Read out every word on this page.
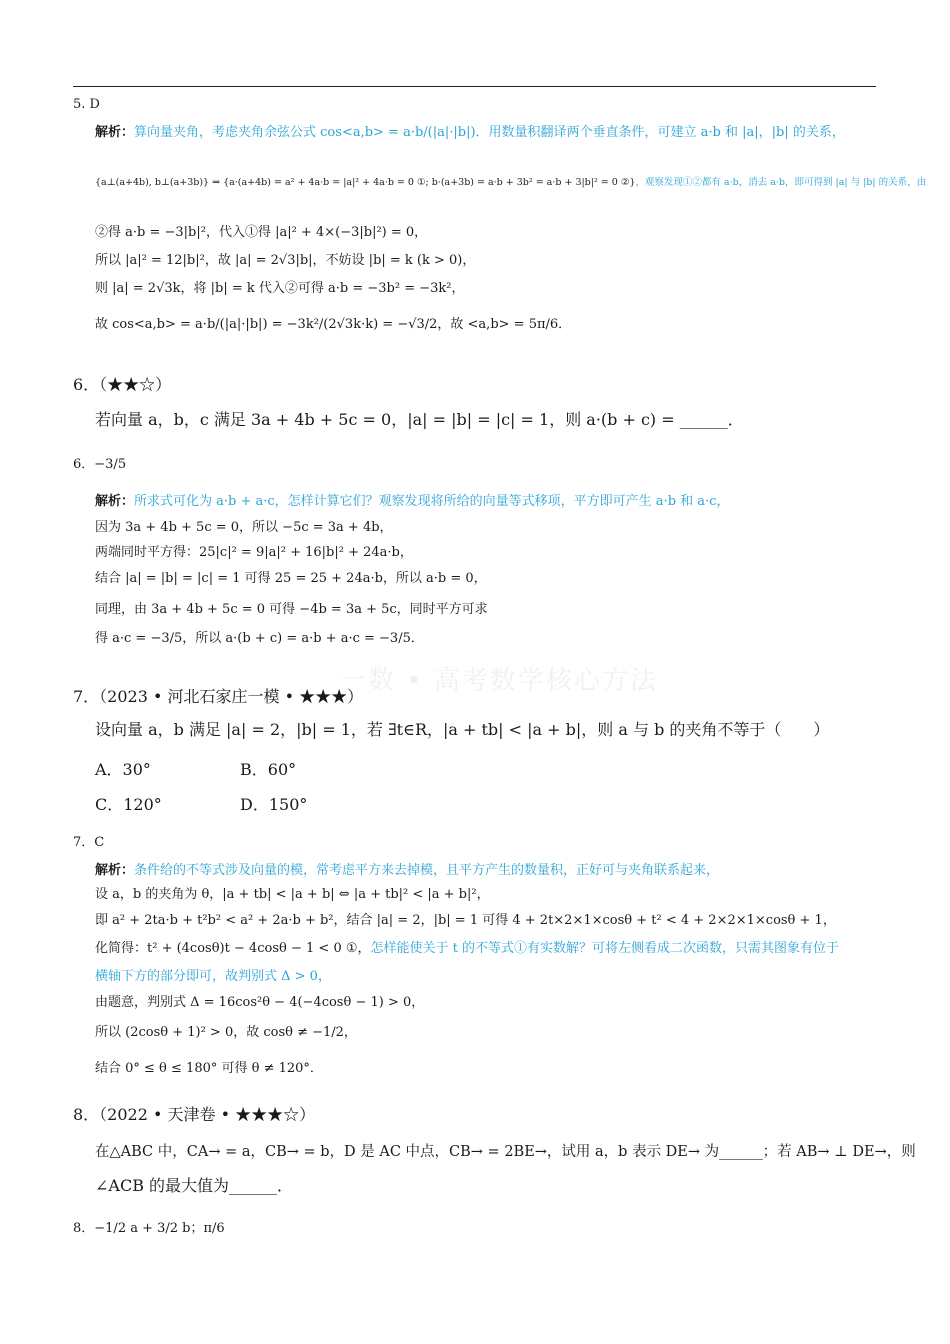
一数 • 高考数学核心方法
5. D
解析：算向量夹角，考虑夹角余弦公式 cos<a,b> = a·b/(|a|·|b|)．用数量积翻译两个垂直条件，可建立 a·b 和 |a|，|b| 的关系，
{a⊥(a+4b), b⊥(a+3b)} ⇒ {a·(a+4b) = a² + 4a·b = |a|² + 4a·b = 0 ①; b·(a+3b) = a·b + 3b² = a·b + 3|b|² = 0 ②}，观察发现①②都有 a·b，消去 a·b，即可得到 |a| 与 |b| 的关系，由
②得 a·b = −3|b|²，代入①得 |a|² + 4×(−3|b|²) = 0，
所以 |a|² = 12|b|²，故 |a| = 2√3|b|，不妨设 |b| = k (k > 0)，
则 |a| = 2√3k，将 |b| = k 代入②可得 a·b = −3b² = −3k²，
故 cos<a,b> = a·b/(|a|·|b|) = −3k²/(2√3k·k) = −√3/2，故 <a,b> = 5π/6．
6．（★★☆）
若向量 a，b，c 满足 3a + 4b + 5c = 0，|a| = |b| = |c| = 1，则 a·(b + c) = ______．
6．−3/5
解析：所求式可化为 a·b + a·c，怎样计算它们？观察发现将所给的向量等式移项，平方即可产生 a·b 和 a·c，
因为 3a + 4b + 5c = 0，所以 −5c = 3a + 4b，
两端同时平方得：25|c|² = 9|a|² + 16|b|² + 24a·b，
结合 |a| = |b| = |c| = 1 可得 25 = 25 + 24a·b，所以 a·b = 0，
同理，由 3a + 4b + 5c = 0 可得 −4b = 3a + 5c，同时平方可求
得 a·c = −3/5，所以 a·(b + c) = a·b + a·c = −3/5．
7．（2023 • 河北石家庄一模 • ★★★）
设向量 a，b 满足 |a| = 2，|b| = 1，若 ∃t∈R，|a + tb| < |a + b|，则 a 与 b 的夹角不等于（　　）
A．30°	B．60°
C．120°	D．150°
7．C
解析：条件给的不等式涉及向量的模，常考虑平方来去掉模，且平方产生的数量积，正好可与夹角联系起来，
设 a，b 的夹角为 θ，|a + tb| < |a + b| ⇔ |a + tb|² < |a + b|²，
即 a² + 2ta·b + t²b² < a² + 2a·b + b²，结合 |a| = 2，|b| = 1 可得 4 + 2t×2×1×cosθ + t² < 4 + 2×2×1×cosθ + 1，
化简得：t² + (4cosθ)t − 4cosθ − 1 < 0 ①，怎样能使关于 t 的不等式①有实数解？可将左侧看成二次函数，只需其图象有位于
横轴下方的部分即可，故判别式 Δ > 0，
由题意，判别式 Δ = 16cos²θ − 4(−4cosθ − 1) > 0，
所以 (2cosθ + 1)² > 0，故 cosθ ≠ −1/2，
结合 0° ≤ θ ≤ 180° 可得 θ ≠ 120°．
8．（2022 • 天津卷 • ★★★☆）
在△ABC 中，CA→ = a，CB→ = b，D 是 AC 中点，CB→ = 2BE→，试用 a，b 表示 DE→ 为______；若 AB→ ⊥ DE→，则
∠ACB 的最大值为______．
8．−1/2 a + 3/2 b；π/6
